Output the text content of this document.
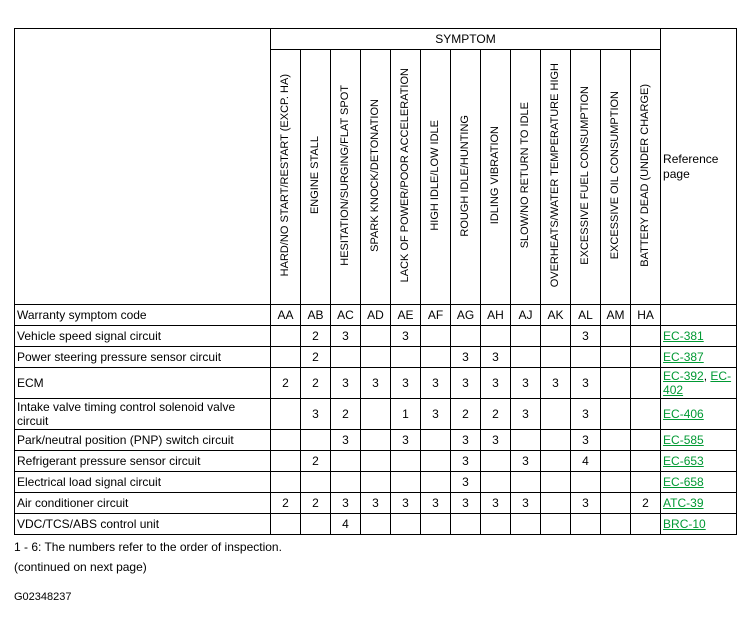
	SYMPTOM													Reference page
	HARD/NO START/RESTART (EXCP. HA)	ENGINE STALL	HESITATION/SURGING/FLAT SPOT	SPARK KNOCK/DETONATION	LACK OF POWER/POOR ACCELERATION	HIGH IDLE/LOW IDLE	ROUGH IDLE/HUNTING	IDLING VIBRATION	SLOW/NO RETURN TO IDLE	OVERHEATS/WATER TEMPERATURE HIGH	EXCESSIVE FUEL CONSUMPTION	EXCESSIVE OIL CONSUMPTION	BATTERY DEAD (UNDER CHARGE)	
Warranty symptom code	AA	AB	AC	AD	AE	AF	AG	AH	AJ	AK	AL	AM	HA	
Vehicle speed signal circuit		2	3		3						3			EC-381
Power steering pressure sensor circuit		2					3	3						EC-387
ECM	2	2	3	3	3	3	3	3	3	3	3			EC-392, EC-402
Intake valve timing control solenoid valve circuit		3	2		1	3	2	2	3		3			EC-406
Park/neutral position (PNP) switch circuit			3		3		3	3			3			EC-585
Refrigerant pressure sensor circuit		2					3		3		4			EC-653
Electrical load signal circuit							3							EC-658
Air conditioner circuit	2	2	3	3	3	3	3	3	3		3		2	ATC-39
VDC/TCS/ABS control unit			4											BRC-10
1 - 6: The numbers refer to the order of inspection.
(continued on next page)
G02348237
